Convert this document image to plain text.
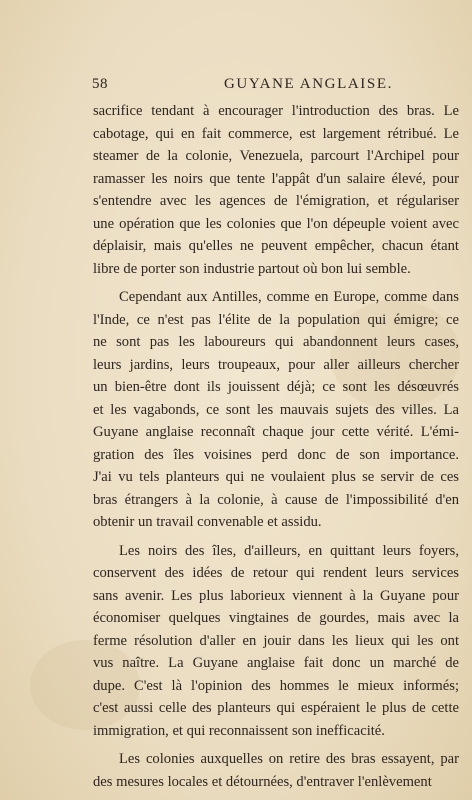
58	GUYANE ANGLAISE.
sacrifice tendant à encourager l'introduction des bras. Le
cabotage, qui en fait commerce, est largement rétribué. Le
steamer de la colonie, Venezuela, parcourt l'Archipel pour
ramasser les noirs que tente l'appât d'un salaire élevé, pour
s'entendre avec les agences de l'émigration, et régulariser
une opération que les colonies que l'on dépeuple voient avec
déplaisir, mais qu'elles ne peuvent empêcher, chacun étant
libre de porter son industrie partout où bon lui semble.
Cependant aux Antilles, comme en Europe, comme dans
l'Inde, ce n'est pas l'élite de la population qui émigre; ce
ne sont pas les laboureurs qui abandonnent leurs cases,
leurs jardins, leurs troupeaux, pour aller ailleurs chercher
un bien-être dont ils jouissent déjà; ce sont les désœuvrés
et les vagabonds, ce sont les mauvais sujets des villes. La
Guyane anglaise reconnaît chaque jour cette vérité. L'émi-
gration des îles voisines perd donc de son importance.
J'ai vu tels planteurs qui ne voulaient plus se servir de ces
bras étrangers à la colonie, à cause de l'impossibilité d'en
obtenir un travail convenable et assidu.
Les noirs des îles, d'ailleurs, en quittant leurs foyers,
conservent des idées de retour qui rendent leurs services
sans avenir. Les plus laborieux viennent à la Guyane pour
économiser quelques vingtaines de gourdes, mais avec la
ferme résolution d'aller en jouir dans les lieux qui les ont
vus naître. La Guyane anglaise fait donc un marché de
dupe. C'est là l'opinion des hommes le mieux informés;
c'est aussi celle des planteurs qui espéraient le plus de cette
immigration, et qui reconnaissent son inefficacité.
Les colonies auxquelles on retire des bras essayent, par
des mesures locales et détournées, d'entraver l'enlèvement
